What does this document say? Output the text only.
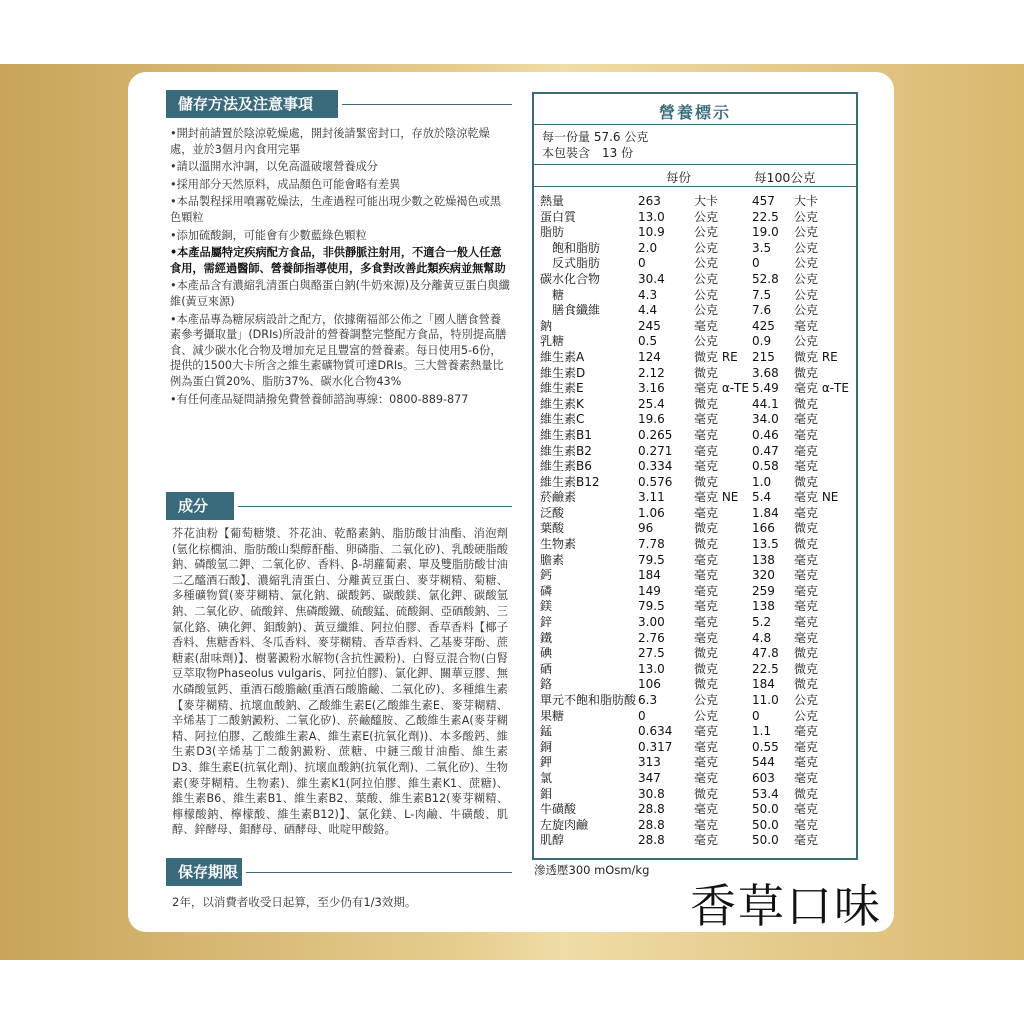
儲存方法及注意事項

•開封前請置於陰涼乾燥處，開封後請緊密封口，存放於陰涼乾燥處，並於3個月內食用完畢

•請以溫開水沖調，以免高溫破壞營養成分

•採用部分天然原料，成品顏色可能會略有差異

•本品製程採用噴霧乾燥法，生產過程可能出現少數之乾燥褐色或黑色顆粒

•添加硫酸銅，可能會有少數藍綠色顆粒

•本產品屬特定疾病配方食品，非供靜脈注射用，不適合一般人任意食用，需經過醫師、營養師指導使用，多食對改善此類疾病並無幫助

•本產品含有濃縮乳清蛋白與酪蛋白鈉(牛奶來源)及分離黃豆蛋白與纖維(黃豆來源)

•本產品專為糖尿病設計之配方，依據衛福部公佈之「國人膳食營養素參考攝取量」(DRIs)所設計的營養調整完整配方食品，特別提高膳食、減少碳水化合物及增加充足且豐富的營養素。每日使用5-6份，提供的1500大卡所含之維生素礦物質可達DRIs。三大營養素熱量比例為蛋白質20%、脂肪37%、碳水化合物43%

•有任何產品疑問請撥免費營養師諮詢專線：0800-889-877

成分
芥花油粉【葡萄糖漿、芥花油、乾酪素鈉、脂肪酸甘油酯、消泡劑(氫化棕櫚油、脂肪酸山梨醇酐酯、卵磷脂、二氧化矽)、乳酸硬脂酸鈉、磷酸氫二鉀、二氧化矽、香料、β-胡蘿蔔素、單及雙脂肪酸甘油二乙醯酒石酸】、濃縮乳清蛋白、分離黃豆蛋白、麥芽糊精、菊糖、多種礦物質(麥芽糊精、氯化鈉、碳酸鈣、碳酸鎂、氯化鉀、碳酸氫鈉、二氧化矽、硫酸鋅、焦磷酸鐵、硫酸錳、硫酸銅、亞硒酸鈉、三氯化鉻、碘化鉀、鉬酸鈉)、黃豆纖維、阿拉伯膠、香草香料【椰子香料、焦糖香料、冬瓜香料、麥芽糊精、香草香料、乙基麥芽酚、蔗糖素(甜味劑)】、樹薯澱粉水解物(含抗性澱粉)、白腎豆混合物(白腎豆萃取物Phaseolus vulgaris、阿拉伯膠)、氯化鉀、關華豆膠、無水磷酸氫鈣、重酒石酸膽鹼(重酒石酸膽鹼、二氧化矽)、多種維生素【麥芽糊精、抗壞血酸鈉、乙酸維生素E(乙酸維生素E、麥芽糊精、辛烯基丁二酸鈉澱粉、二氧化矽)、菸鹼醯胺、乙酸維生素A(麥芽糊精、阿拉伯膠、乙酸維生素A、維生素E(抗氧化劑))、本多酸鈣、維生素D3(辛烯基丁二酸鈉澱粉、蔗糖、中鏈三酸甘油酯、維生素D3、維生素E(抗氧化劑)、抗壞血酸鈉(抗氧化劑)、二氧化矽)、生物素(麥芽糊精、生物素)、維生素K1(阿拉伯膠、維生素K1、蔗糖)、維生素B6、維生素B1、維生素B2、葉酸、維生素B12(麥芽糊精、檸檬酸鈉、檸檬酸、維生素B12)】、氯化鎂、L-肉鹼、牛磺酸、肌醇、鋅酵母、鉬酵母、硒酵母、吡啶甲酸鉻。
保存期限
2年，以消費者收受日起算，至少仍有1/3效期。
營養標示
每一份量 57.6 公克
本包裝含　13 份
每份	每100公克
熱量	263	大卡	457 大卡
蛋白質	13.0 公克	22.5 公克
脂肪	10.9 公克	19.0 公克
　飽和脂肪	2.0	公克	3.5 公克
　反式脂肪	0	公克	0	公克
碳水化合物	30.4 公克	52.8 公克
　糖	4.3	公克	7.5 公克
　膳食纖維	4.4	公克	7.6 公克
鈉	245	毫克	425 毫克
乳糖	0.5	公克	0.9 公克
維生素A	124	微克 RE 215 微克 RE
維生素D	2.12 微克	3.68 微克
維生素E	3.16 毫克 α-TE 5.49 毫克 α-TE
維生素K	25.4 微克	44.1 微克
維生素C	19.6 毫克	34.0 毫克
維生素B1	0.265 毫克	0.46 毫克
維生素B2	0.271 毫克	0.47 毫克
維生素B6	0.334 毫克	0.58 毫克
維生素B12	0.576 微克	1.0 微克
菸鹼素	3.11 毫克 NE 5.4 毫克 NE
泛酸	1.06 毫克	1.84 毫克
葉酸	96	微克	166 微克
生物素	7.78 微克	13.5 微克
膽素	79.5 毫克	138 毫克
鈣	184	毫克	320 毫克
磷	149	毫克	259 毫克
鎂	79.5 毫克	138 毫克
鋅	3.00 毫克	5.2 毫克
鐵	2.76 毫克	4.8 毫克
碘	27.5 微克	47.8 微克
硒	13.0 微克	22.5 微克
鉻	106	微克	184 微克
單元不飽和脂肪酸 6.3	公克	11.0 公克
果糖	0	公克	0	公克
錳	0.634 毫克	1.1 毫克
銅	0.317 毫克	0.55 毫克
鉀	313	毫克	544 毫克
氯	347	毫克	603 毫克
鉬	30.8 微克	53.4 微克
牛磺酸	28.8 毫克	50.0 毫克
左旋肉鹼	28.8 毫克	50.0 毫克
肌醇	28.8 毫克	50.0 毫克
滲透壓300 mOsm/kg
香草口味
